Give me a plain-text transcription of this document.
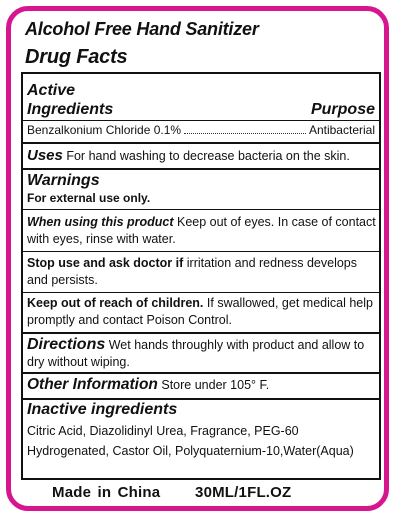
Alcohol Free Hand Sanitizer
Drug Facts
Active
Ingredients	Purpose
Benzalkonium Chloride 0.1%	Antibacterial
Uses For hand washing to decrease bacteria on the skin.
Warnings
For external use only.
When using this product Keep out of eyes. In case of contact with eyes, rinse with water.
Stop use and ask doctor if irritation and redness develops and persists.
Keep out of reach of children. If swallowed, get medical help promptly and contact Poison Control.
Directions Wet hands throughly with product and allow to dry without wiping.
Other Information Store under 105° F.
Inactive ingredients
Citric Acid, Diazolidinyl Urea, Fragrance, PEG-60
Hydrogenated, Castor Oil, Polyquaternium-10,Water(Aqua)
Made in China 30ML/1FL.OZ
